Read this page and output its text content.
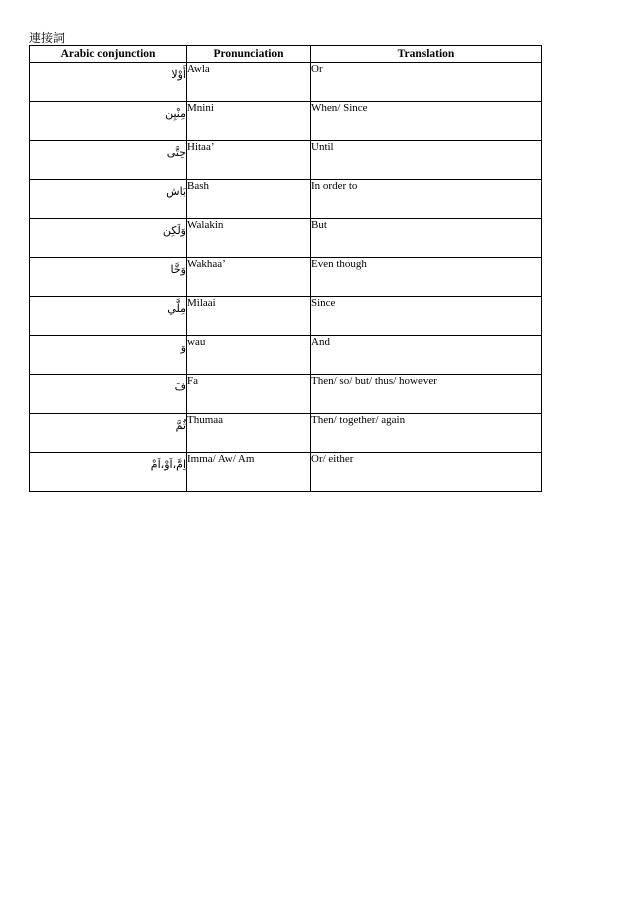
連接詞
Arabic conjunction	Pronunciation	Translation
أَوْلا	Awla	Or
مِنْيِن	Mnini	When/ Since
حِتَّى	Hitaa’	Until
بَاش	Bash	In order to
وَلَكِن	Walakin	But
وَخَّا	Wakhaa’	Even though
مِلَّي	Milaai	Since
وَ	wau	And
فَ	Fa	Then/ so/ but/ thus/ however
ثُمَّ	Thumaa	Then/ together/ again
اِمَّ،اَوْ،اَمْ	Imma/ Aw/ Am	Or/ either
